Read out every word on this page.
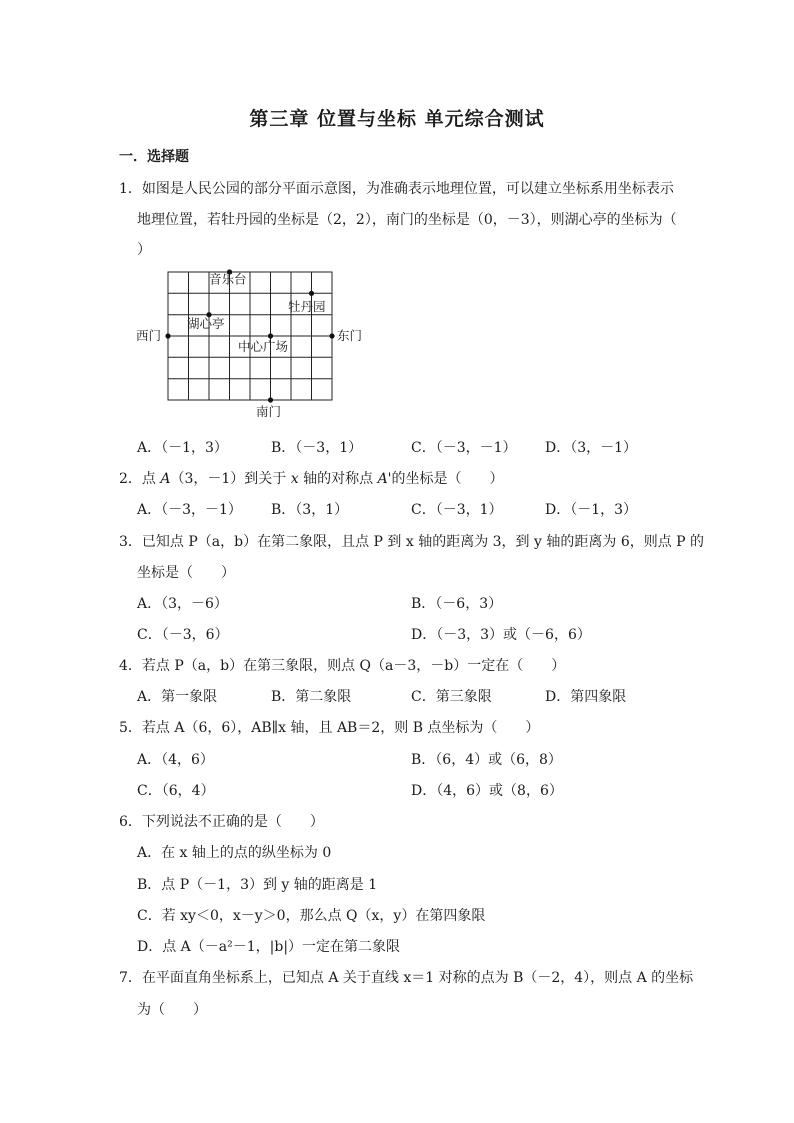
第三章 位置与坐标 单元综合测试
一．选择题
1．如图是人民公园的部分平面示意图，为准确表示地理位置，可以建立坐标系用坐标表示
地理位置，若牡丹园的坐标是（2，2），南门的坐标是（0，－3），则湖心亭的坐标为（
）
音乐台
牡丹园
湖心亭
中心广场
西门	东门
南门
A．（－1，3）	B．（－3，1）	C．（－3，－1） D．（3，－1）
2．点 A（3，－1）到关于 x 轴的对称点 A'的坐标是（　　）
A．（－3，－1） B．（3，1）	C．（－3，1）	D．（－1，3）
3．已知点 P（a，b）在第二象限，且点 P 到 x 轴的距离为 3，到 y 轴的距离为 6，则点 P 的
坐标是（　　）
A．（3，－6）	B．（－6，3）
C．（－3，6）	D．（－3，3）或（－6，6）
4．若点 P（a，b）在第三象限，则点 Q（a－3，－b）一定在（　　）
A．第一象限	B．第二象限	C．第三象限	D．第四象限
5．若点 A（6，6），AB∥x 轴，且 AB＝2，则 B 点坐标为（　　）
A．（4，6）	B．（6，4）或（6，8）
C．（6，4）	D．（4，6）或（8，6）
6．下列说法不正确的是（　　）
A．在 x 轴上的点的纵坐标为 0
B．点 P（－1，3）到 y 轴的距离是 1
C．若 xy＜0，x－y＞0，那么点 Q（x，y）在第四象限
D．点 A（－a²－1，|b|）一定在第二象限
7．在平面直角坐标系上，已知点 A 关于直线 x＝1 对称的点为 B（－2，4），则点 A 的坐标
为（　　）
